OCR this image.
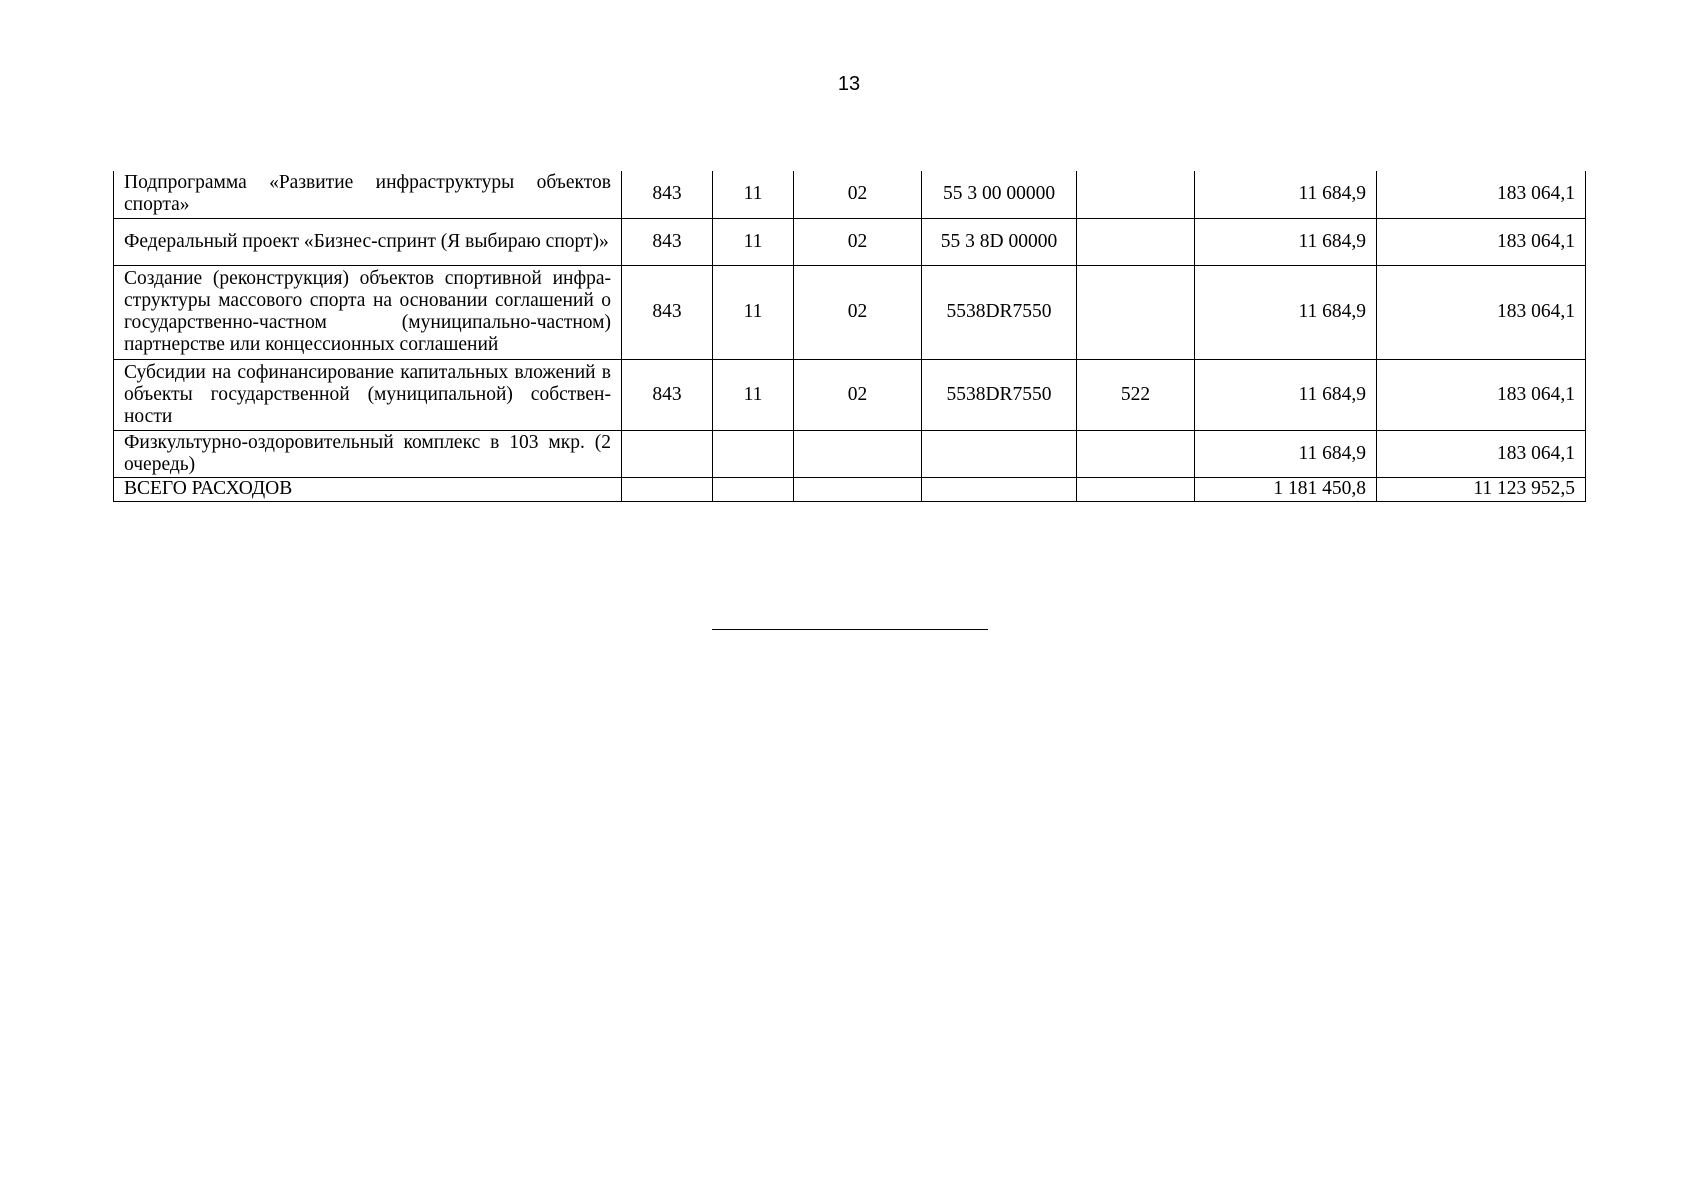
13
Подпрограмма «Развитие инфраструктуры объектов спорта»	843	11	02	55 3 00 00000		11 684,9	183 064,1
Федеральный проект «Бизнес-спринт (Я выбираю спорт)»	843	11	02	55 3 8D 00000		11 684,9	183 064,1
Создание (реконструкция) объектов спортивной инфраструктуры массового спорта на основании соглашений о государственно-частном (муниципально-частном) партнерстве или концессионных соглашений	843	11	02	5538DR7550		11 684,9	183 064,1
Субсидии на софинансирование капитальных вложений в объекты государственной (муниципальной) собственности	843	11	02	5538DR7550	522	11 684,9	183 064,1
Физкультурно-оздоровительный комплекс в 103 мкр. (2 очередь)						11 684,9	183 064,1
ВСЕГО РАСХОДОВ						1 181 450,8	11 123 952,5
